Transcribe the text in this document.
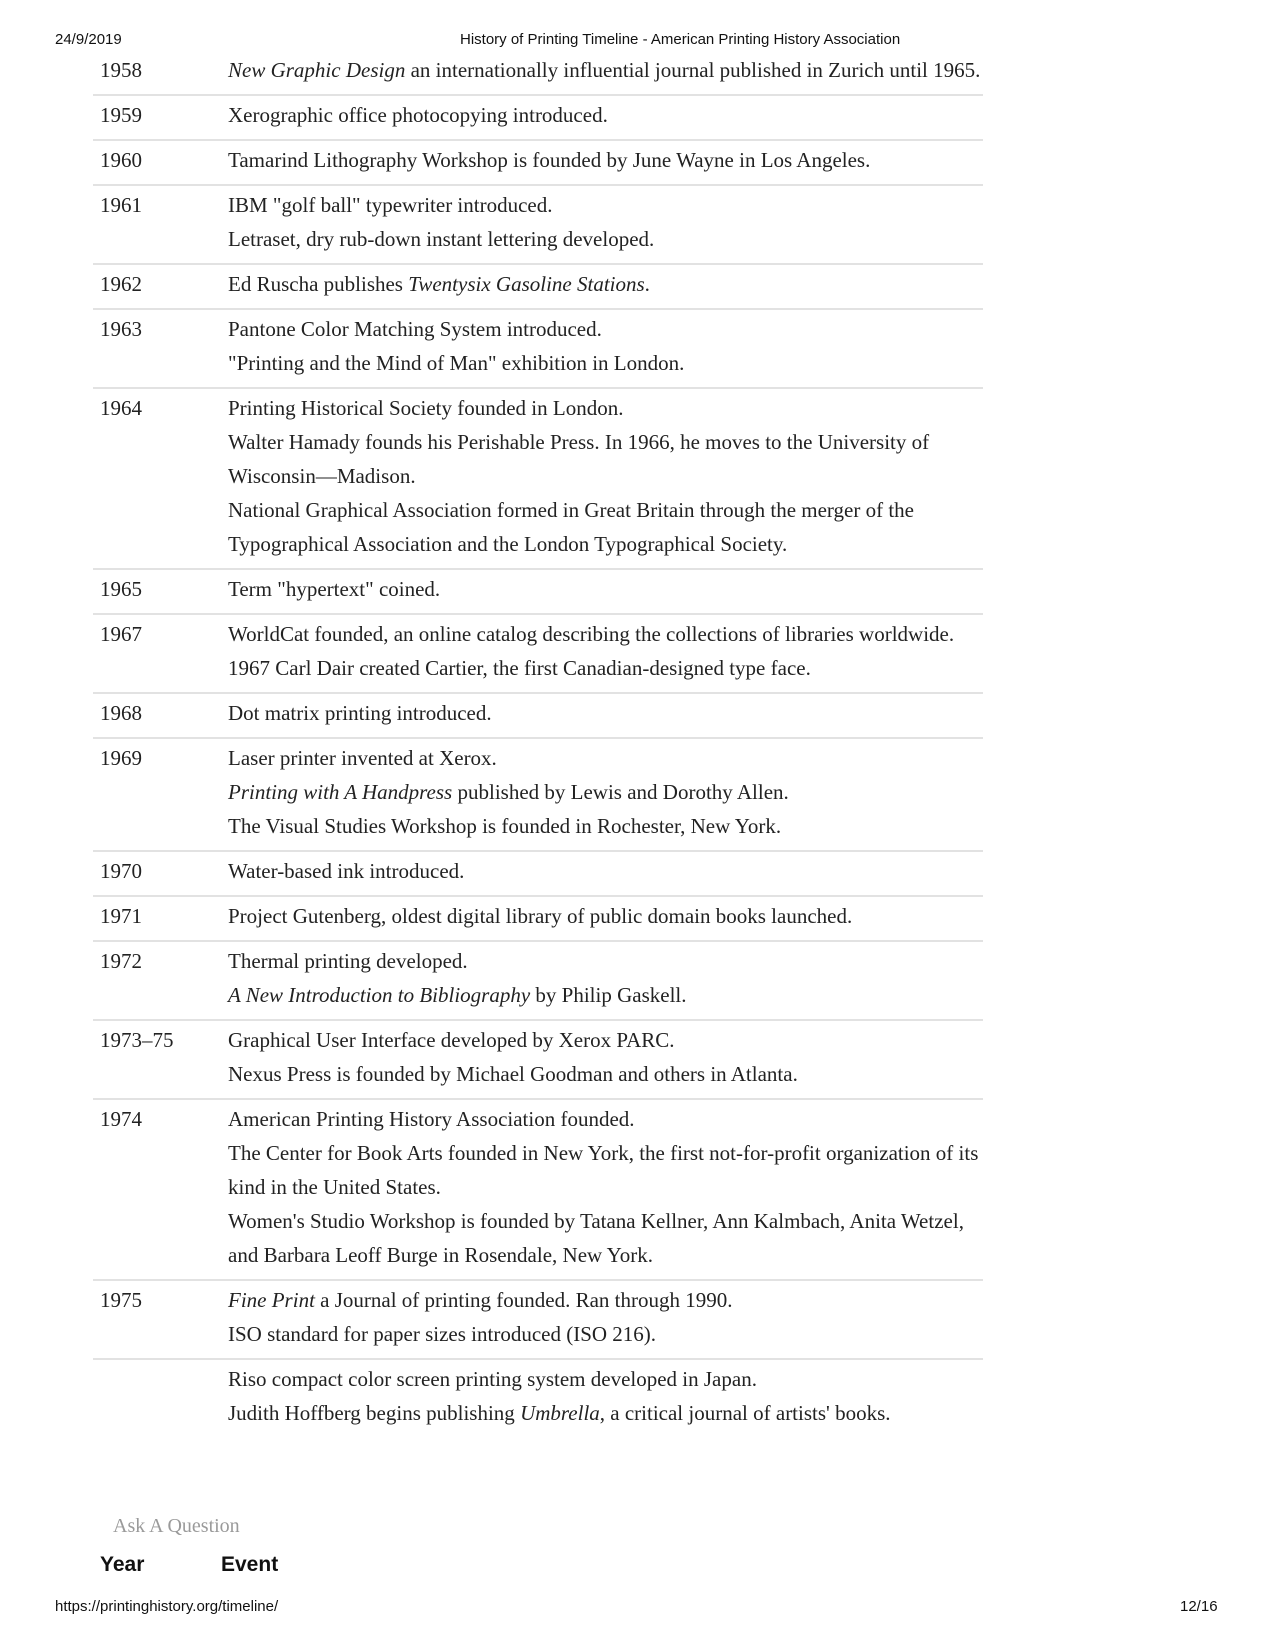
24/9/2019	History of Printing Timeline - American Printing History Association
1958	New Graphic Design an internationally influential journal published in Zurich until 1965.
1959	Xerographic office photocopying introduced.
1960	Tamarind Lithography Workshop is founded by June Wayne in Los Angeles.
1961	IBM "golf ball" typewriter introduced.
Letraset, dry rub-down instant lettering developed.
1962	Ed Ruscha publishes Twentysix Gasoline Stations.
1963	Pantone Color Matching System introduced.
"Printing and the Mind of Man" exhibition in London.
1964	Printing Historical Society founded in London.
Walter Hamady founds his Perishable Press. In 1966, he moves to the University of Wisconsin—Madison.
National Graphical Association formed in Great Britain through the merger of the Typographical Association and the London Typographical Society.
1965	Term "hypertext" coined.
1967	WorldCat founded, an online catalog describing the collections of libraries worldwide.
1967 Carl Dair created Cartier, the first Canadian-designed type face.
1968	Dot matrix printing introduced.
1969	Laser printer invented at Xerox.
Printing with A Handpress published by Lewis and Dorothy Allen.
The Visual Studies Workshop is founded in Rochester, New York.
1970	Water-based ink introduced.
1971	Project Gutenberg, oldest digital library of public domain books launched.
1972	Thermal printing developed.
A New Introduction to Bibliography by Philip Gaskell.
1973–75	Graphical User Interface developed by Xerox PARC.
Nexus Press is founded by Michael Goodman and others in Atlanta.
1974	American Printing History Association founded.
The Center for Book Arts founded in New York, the first not-for-profit organization of its kind in the United States.
Women's Studio Workshop is founded by Tatana Kellner, Ann Kalmbach, Anita Wetzel, and Barbara Leoff Burge in Rosendale, New York.
1975	Fine Print a Journal of printing founded. Ran through 1990.
ISO standard for paper sizes introduced (ISO 216).
Riso compact color screen printing system developed in Japan.
Judith Hoffberg begins publishing Umbrella, a critical journal of artists' books.
Ask A Question
Year	Event
https://printinghistory.org/timeline/	12/16
